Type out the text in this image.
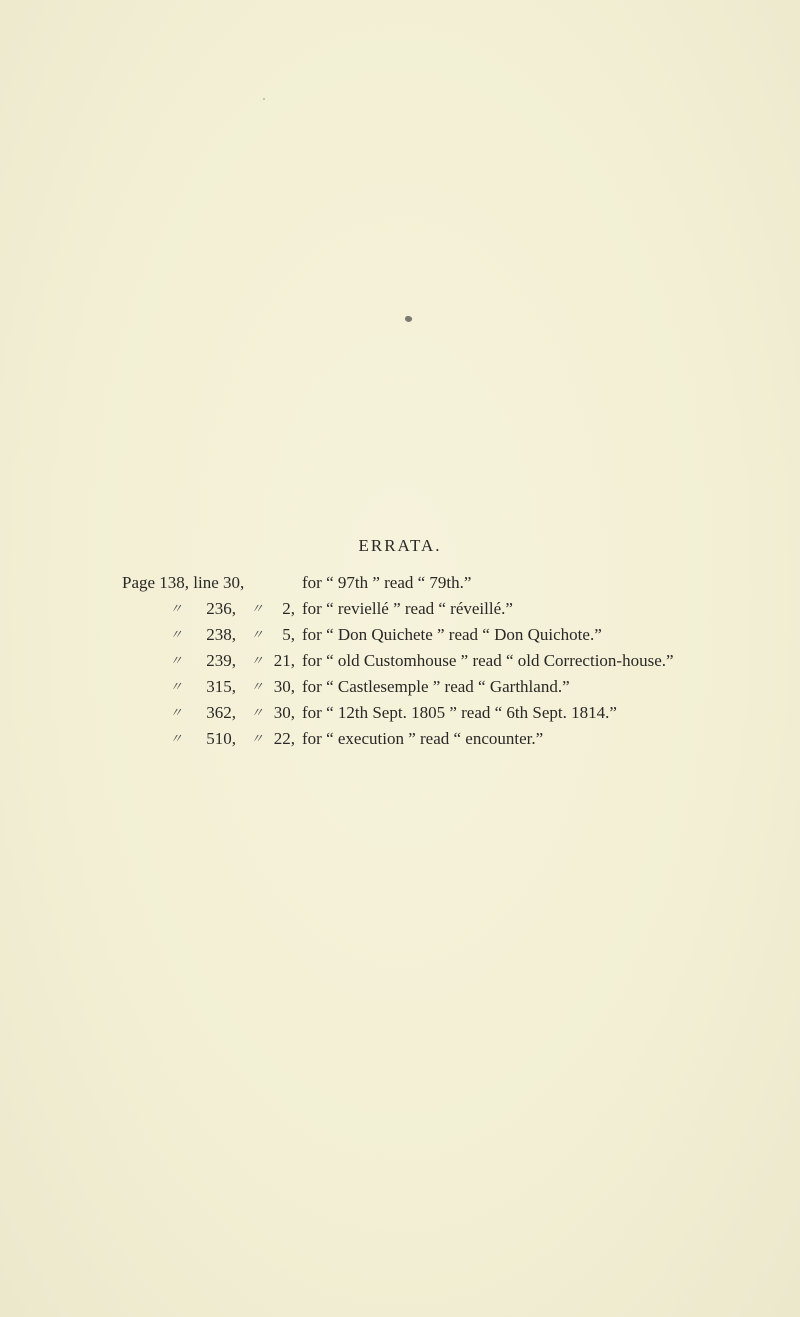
ERRATA.
Page 138, line 30,	for “ 97th ” read “ 79th.”
〃 236, 〃 2, for “ reviellé ” read “ réveillé.”
〃 238, 〃 5, for “ Don Quichete ” read “ Don Quichote.”
〃 239, 〃 21, for “ old Customhouse ” read “ old Correction-house.”
〃 315, 〃 30, for “ Castlesemple ” read “ Garthland.”
〃 362, 〃 30, for “ 12th Sept. 1805 ” read “ 6th Sept. 1814.”
〃 510, 〃 22, for “ execution ” read “ encounter.”
